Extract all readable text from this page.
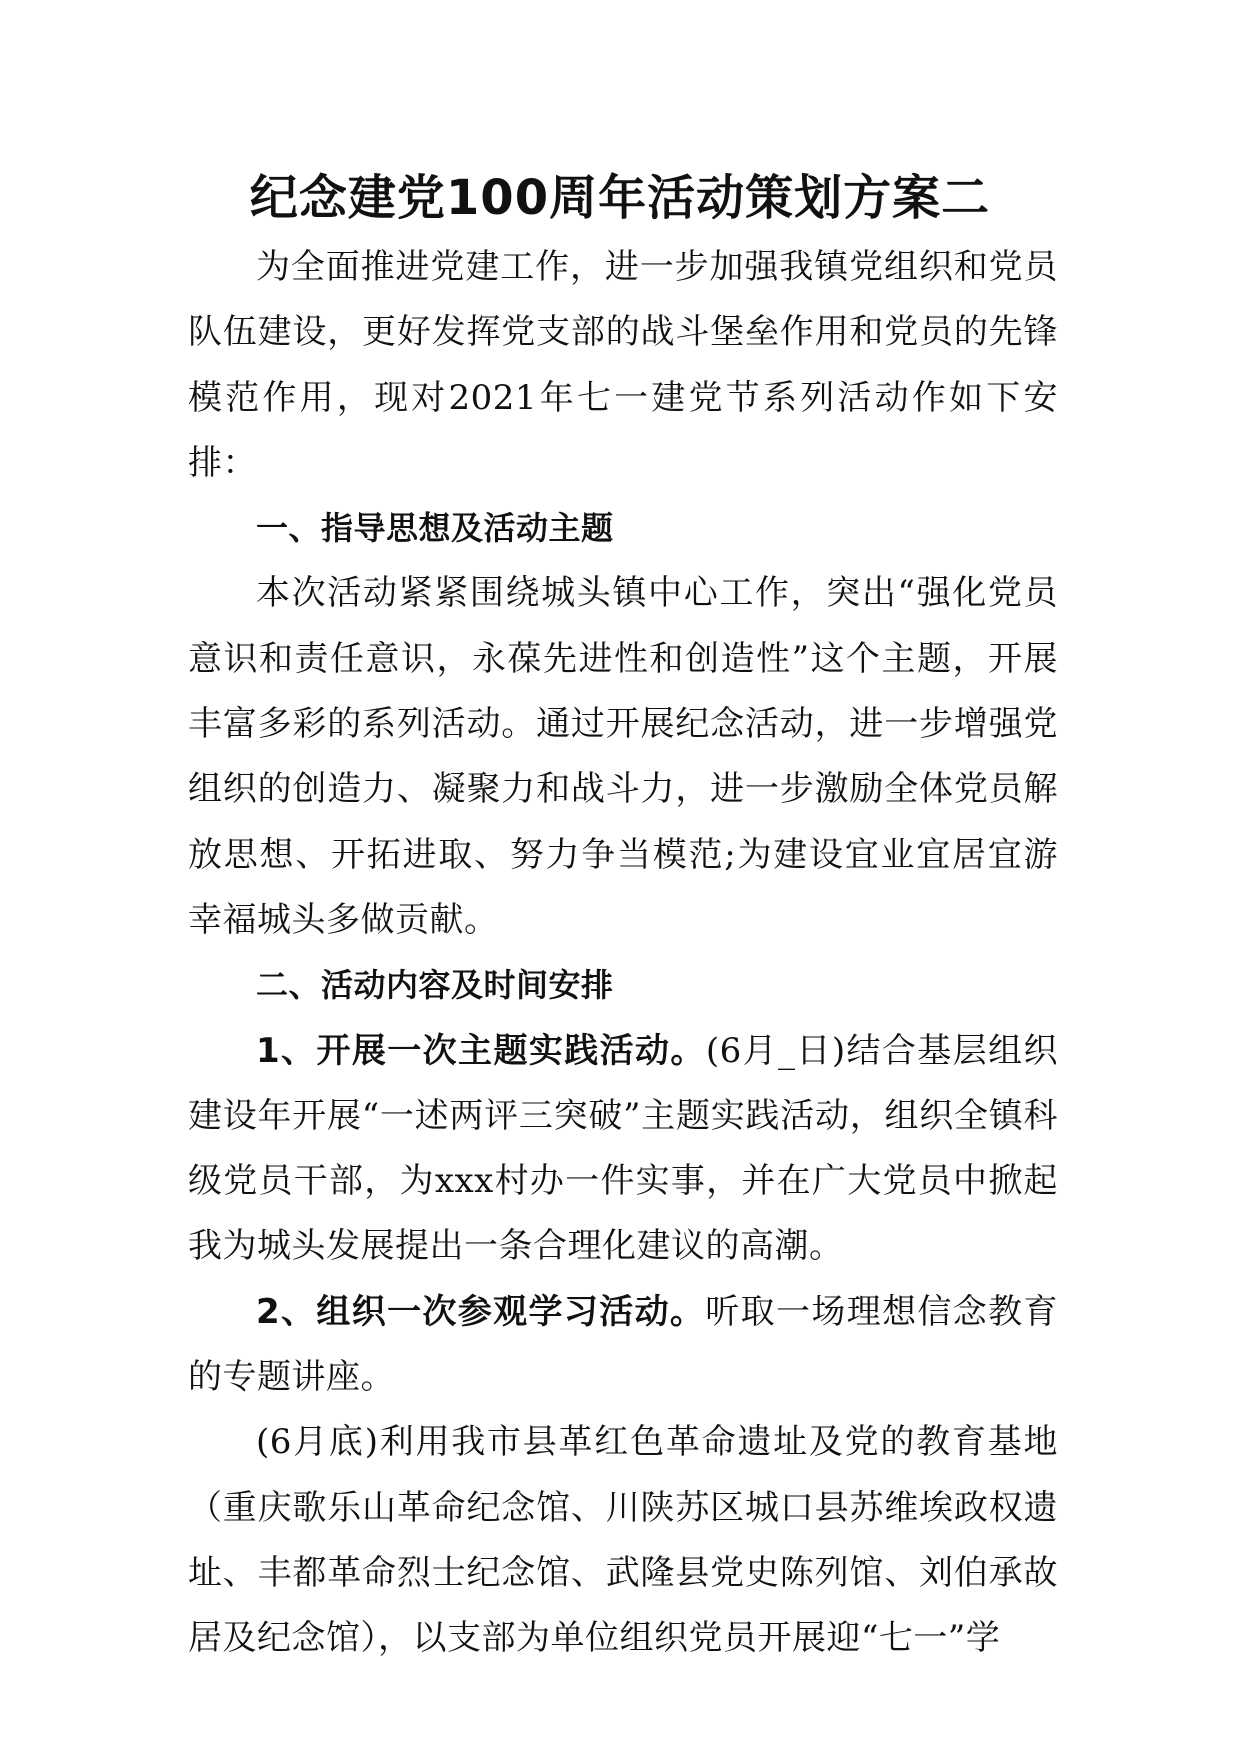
纪念建党100周年活动策划方案二

为全面推进党建工作，进一步加强我镇党组织和党员队伍建设，更好发挥党支部的战斗堡垒作用和党员的先锋模范作用，现对2021年七一建党节系列活动作如下安排：

一、指导思想及活动主题

本次活动紧紧围绕城头镇中心工作，突出“强化党员意识和责任意识，永葆先进性和创造性”这个主题，开展丰富多彩的系列活动。通过开展纪念活动，进一步增强党组织的创造力、凝聚力和战斗力，进一步激励全体党员解放思想、开拓进取、努力争当模范;为建设宜业宜居宜游幸福城头多做贡献。

二、活动内容及时间安排

1、开展一次主题实践活动。(6月_日)结合基层组织建设年开展“一述两评三突破”主题实践活动，组织全镇科级党员干部，为xxx村办一件实事，并在广大党员中掀起我为城头发展提出一条合理化建议的高潮。

2、组织一次参观学习活动。听取一场理想信念教育的专题讲座。

(6月底)利用我市县革红色革命遗址及党的教育基地（重庆歌乐山革命纪念馆、川陕苏区城口县苏维埃政权遗址、丰都革命烈士纪念馆、武隆县党史陈列馆、刘伯承故居及纪念馆），以支部为单位组织党员开展迎“七一”学
